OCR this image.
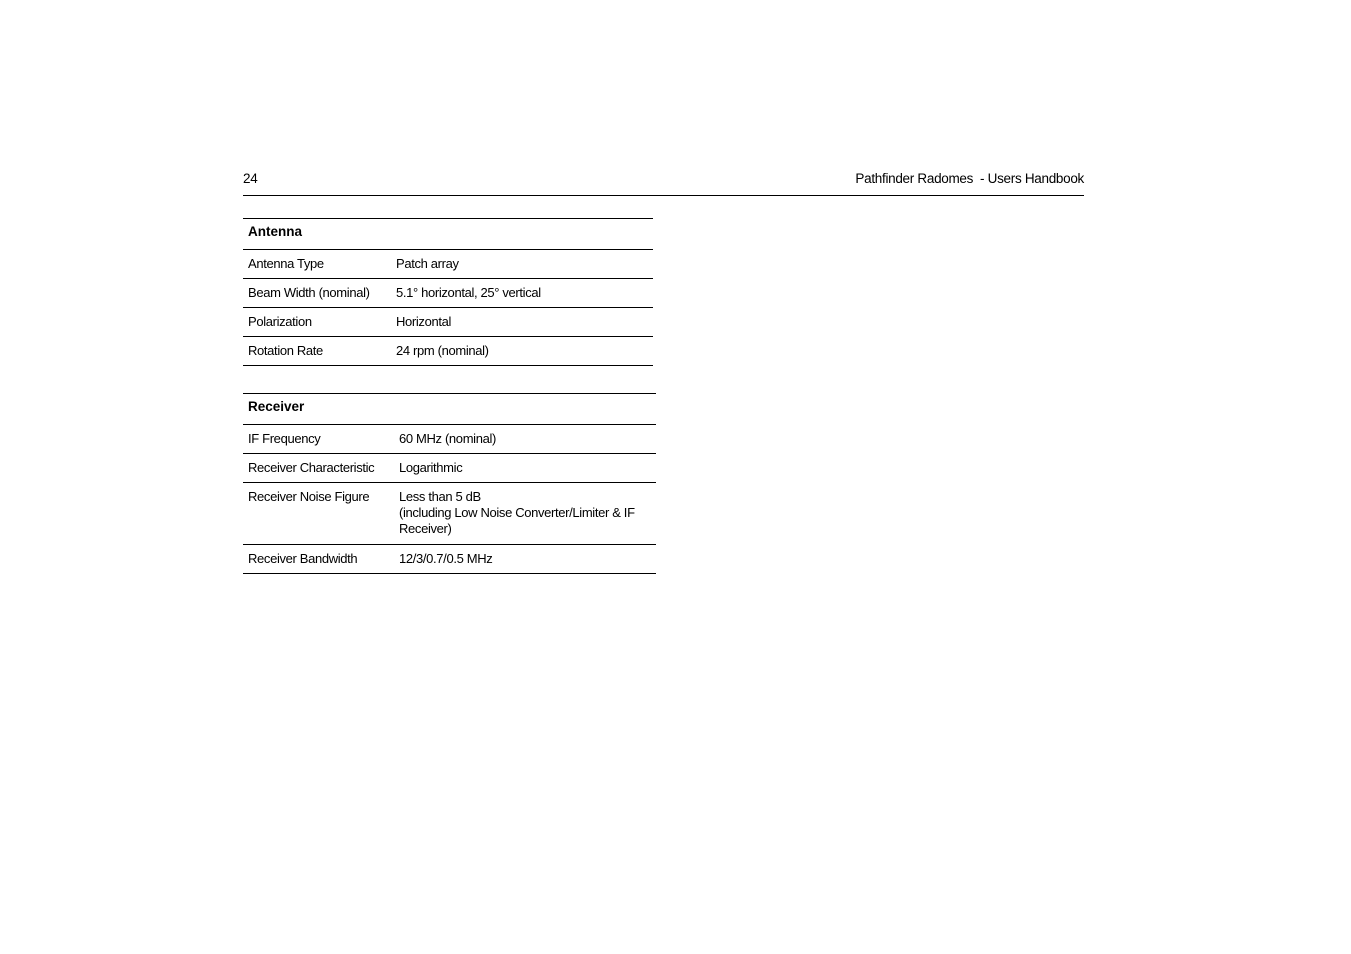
24	Pathfinder Radomes  - Users Handbook
Antenna	
Antenna Type	Patch array
Beam Width (nominal)	5.1° horizontal, 25° vertical
Polarization	Horizontal
Rotation Rate	24 rpm (nominal)
Receiver	
IF Frequency	60 MHz (nominal)
Receiver Characteristic	Logarithmic
Receiver Noise Figure	Less than 5 dB
(including Low Noise Converter/Limiter & IF
Receiver)
Receiver Bandwidth	12/3/0.7/0.5 MHz
